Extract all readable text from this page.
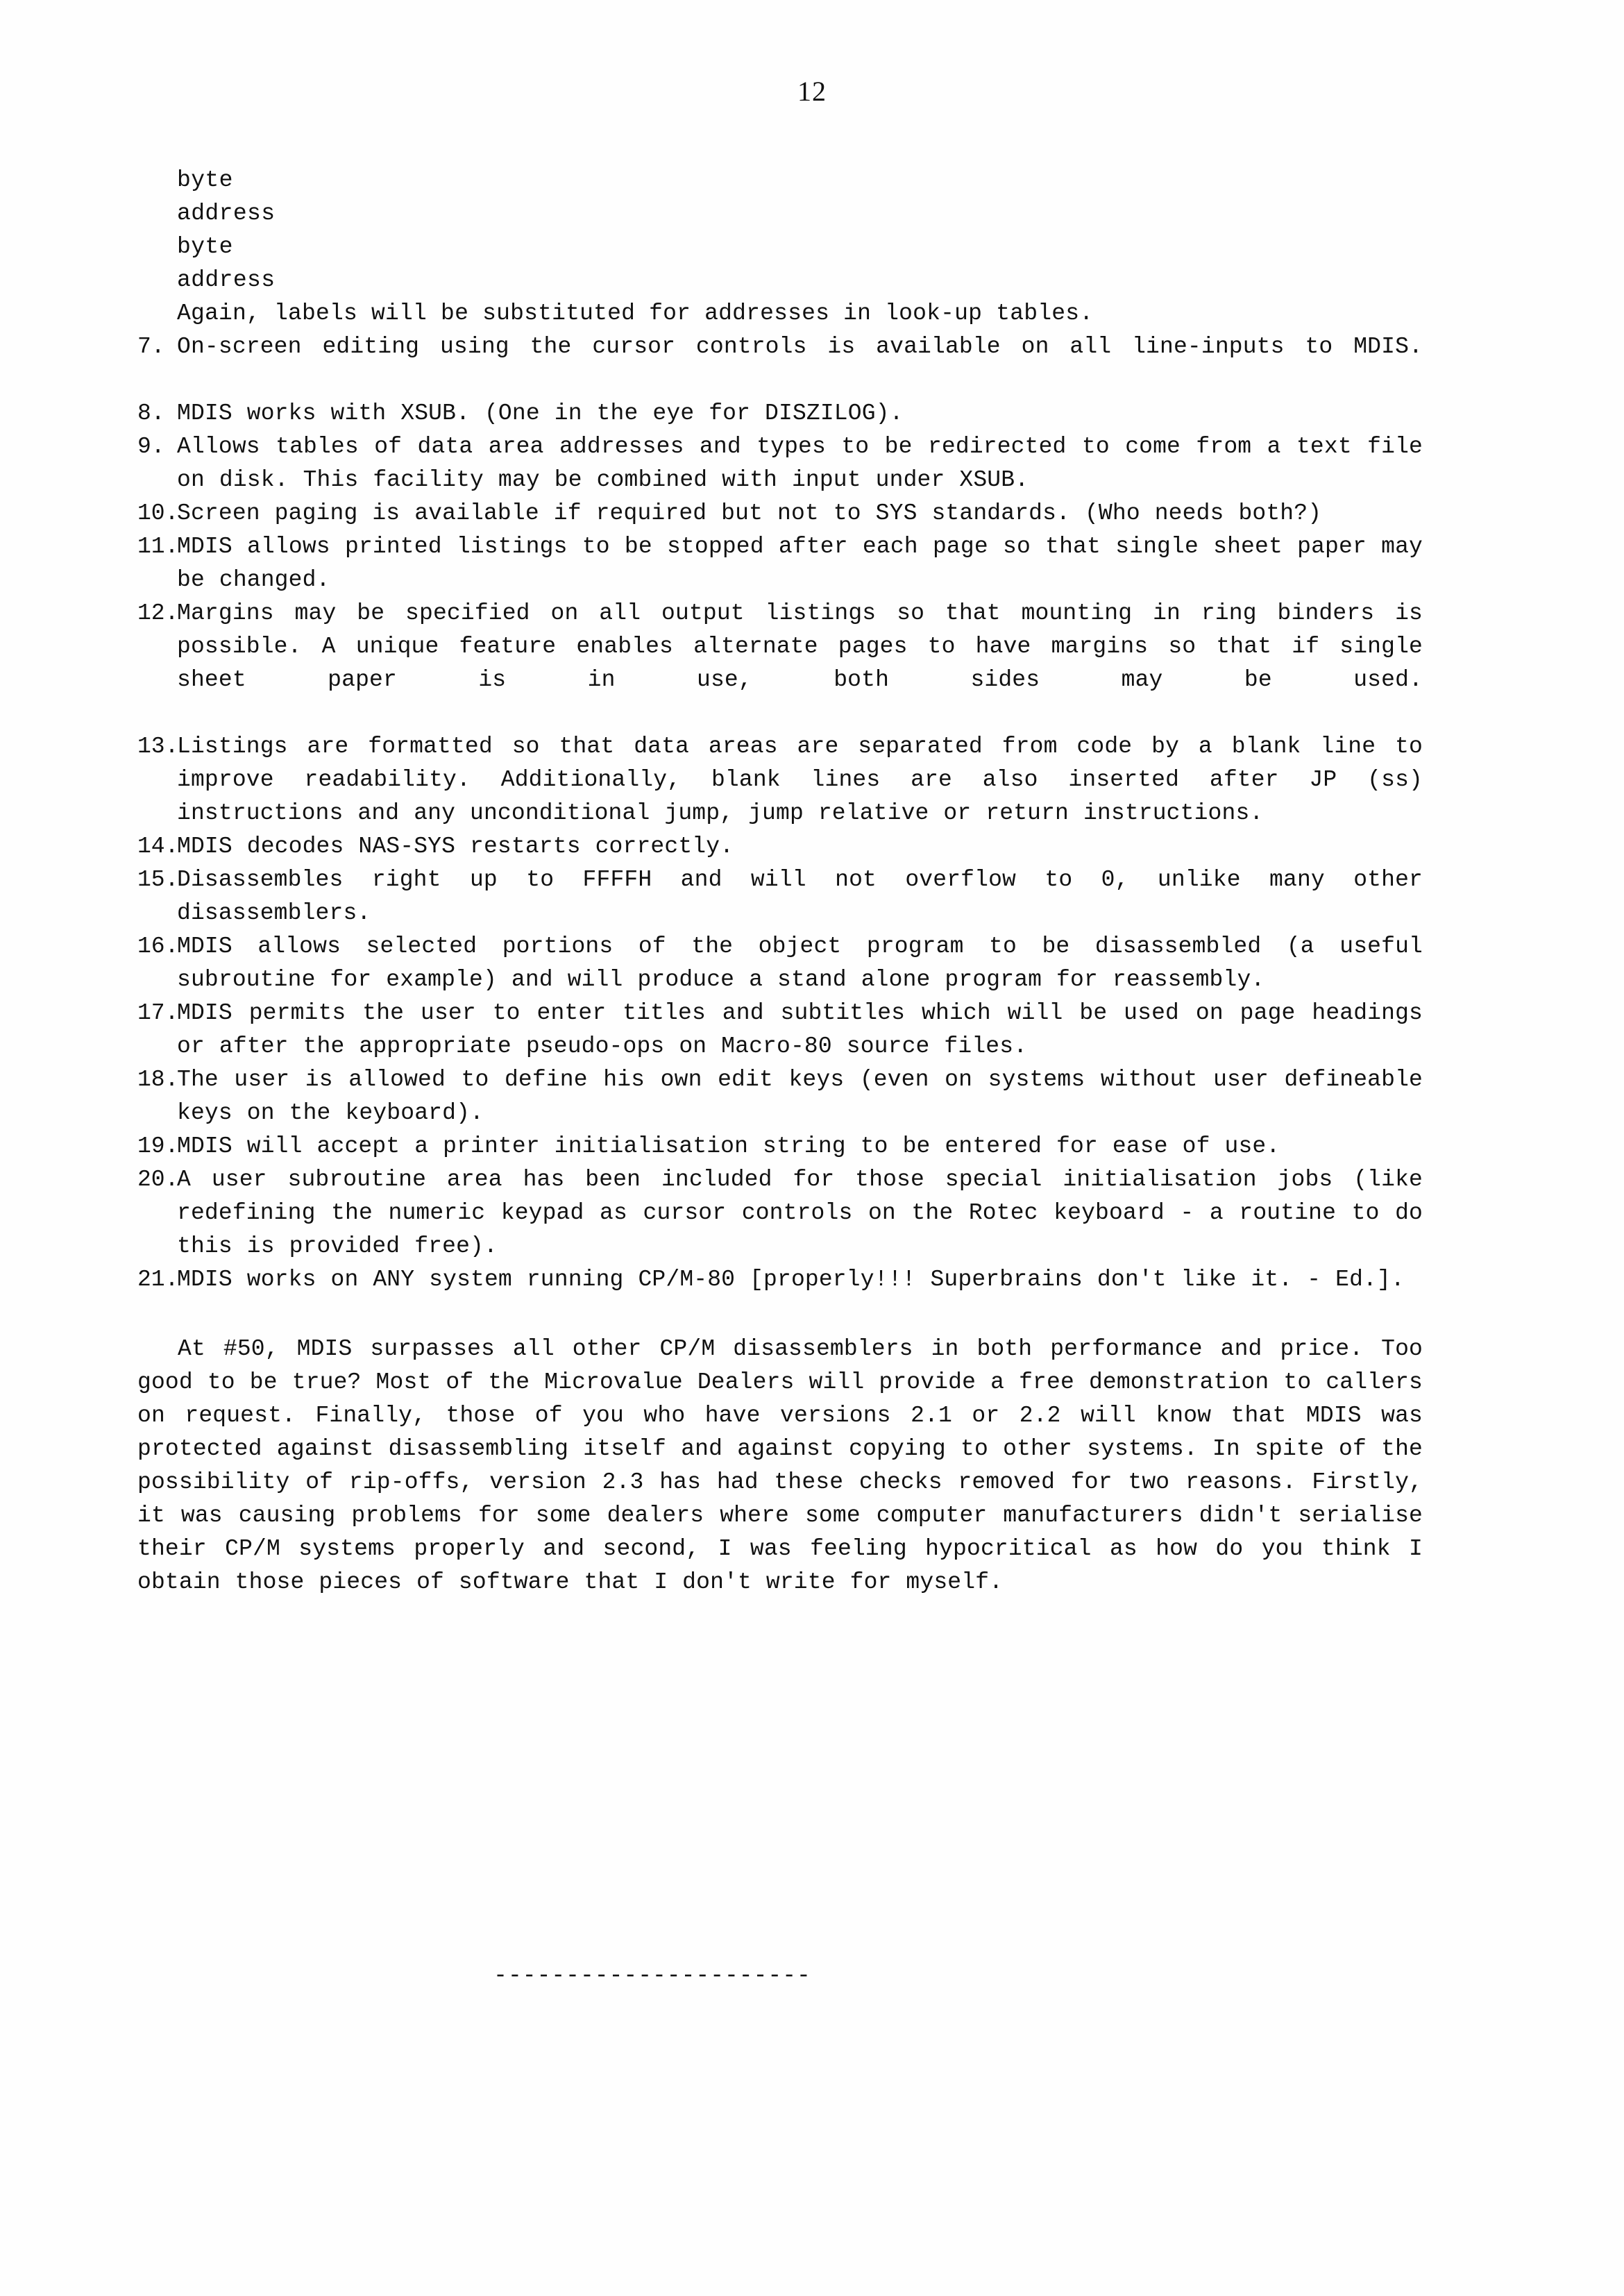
12
byte
address
byte
address
Again, labels will be substituted for addresses in look-up tables.
7. On-screen editing using the cursor controls is available on all line-inputs to MDIS.
8. MDIS works with XSUB. (One in the eye for DISZILOG).
9. Allows tables of data area addresses and types to be redirected to come from a text file on disk. This facility may be combined with input under XSUB.
10.
Screen paging is available if required but not to SYS standards. (Who needs both?)
11.
MDIS allows printed listings to be stopped after each page so that single sheet paper may be changed.
12.
Margins may be specified on all output listings so that mounting in ring binders is possible. A unique feature enables alternate pages to have margins so that if single sheet paper is in use, both sides may be used.
13.
Listings are formatted so that data areas are separated from code by a blank line to improve readability. Additionally, blank lines are also inserted after JP (ss) instructions and any unconditional jump, jump relative or return instructions.
14.
MDIS decodes NAS-SYS restarts correctly.
15.
Disassembles right up to FFFFH and will not overflow to 0, unlike many other disassemblers.
16.
MDIS allows selected portions of the object program to be disassembled (a useful subroutine for example) and will produce a stand alone program for reassembly.
17.
MDIS permits the user to enter titles and subtitles which will be used on page headings or after the appropriate pseudo-ops on Macro-80 source files.
18.
The user is allowed to define his own edit keys (even on systems without user defineable keys on the keyboard).
19.
MDIS will accept a printer initialisation string to be entered for ease of use.
20.
A user subroutine area has been included for those special initialisation jobs (like redefining the numeric keypad as cursor controls on the Rotec keyboard - a routine to do this is provided free).
21.
MDIS works on ANY system running CP/M-80 [properly!!! Superbrains don't like it. - Ed.].

At #50, MDIS surpasses all other CP/M disassemblers in both performance and price. Too good to be true? Most of the Microvalue Dealers will provide a free demonstration to callers on request. Finally, those of you who have versions 2.1 or 2.2 will know that MDIS was protected against disassembling itself and against copying to other systems. In spite of the possibility of rip-offs, version 2.3 has had these checks removed for two reasons. Firstly, it was causing problems for some dealers where some computer manufacturers didn't serialise their CP/M systems properly and second, I was feeling hypocritical as how do you think I obtain those pieces of software that I don't write for myself.

----------------------
